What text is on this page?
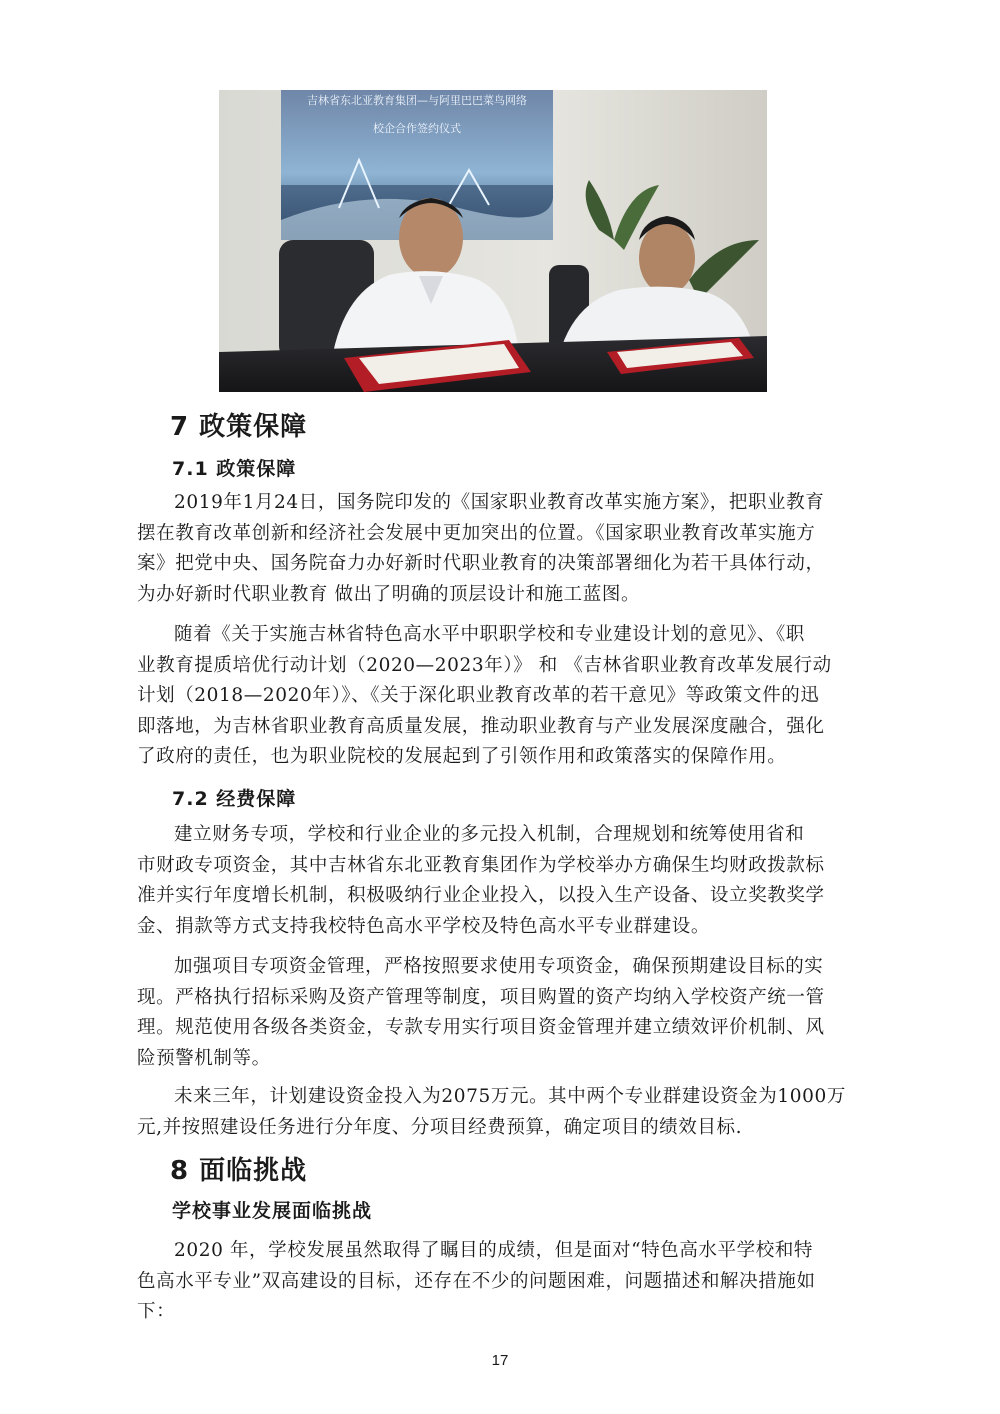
吉林省东北亚教育集团—与阿里巴巴菜鸟网络
校企合作签约仪式
7 政策保障
7.1 政策保障

2019年1月24日，国务院印发的《国家职业教育改革实施方案》，把职业教育
摆在教育改革创新和经济社会发展中更加突出的位置。《国家职业教育改革实施方
案》把党中央、国务院奋力办好新时代职业教育的决策部署细化为若干具体行动，
为办好新时代职业教育 做出了明确的顶层设计和施工蓝图。

随着《关于实施吉林省特色高水平中职职学校和专业建设计划的意见》、《职
业教育提质培优行动计划（2020—2023年）》 和 《吉林省职业教育改革发展行动
计划（2018—2020年）》、《关于深化职业教育改革的若干意见》等政策文件的迅
即落地，为吉林省职业教育高质量发展，推动职业教育与产业发展深度融合，强化
了政府的责任，也为职业院校的发展起到了引领作用和政策落实的保障作用。

7.2 经费保障

建立财务专项，学校和行业企业的多元投入机制，合理规划和统筹使用省和
市财政专项资金，其中吉林省东北亚教育集团作为学校举办方确保生均财政拨款标
准并实行年度增长机制，积极吸纳行业企业投入，以投入生产设备、设立奖教奖学
金、捐款等方式支持我校特色高水平学校及特色高水平专业群建设。

加强项目专项资金管理，严格按照要求使用专项资金，确保预期建设目标的实
现。严格执行招标采购及资产管理等制度，项目购置的资产均纳入学校资产统一管
理。规范使用各级各类资金，专款专用实行项目资金管理并建立绩效评价机制、风
险预警机制等。

未来三年，计划建设资金投入为2075万元。其中两个专业群建设资金为1000万
元,并按照建设任务进行分年度、分项目经费预算，确定项目的绩效目标.

8 面临挑战
学校事业发展面临挑战

2020 年，学校发展虽然取得了瞩目的成绩，但是面对“特色高水平学校和特
色高水平专业”双高建设的目标，还存在不少的问题困难，问题描述和解决措施如
下：

17
